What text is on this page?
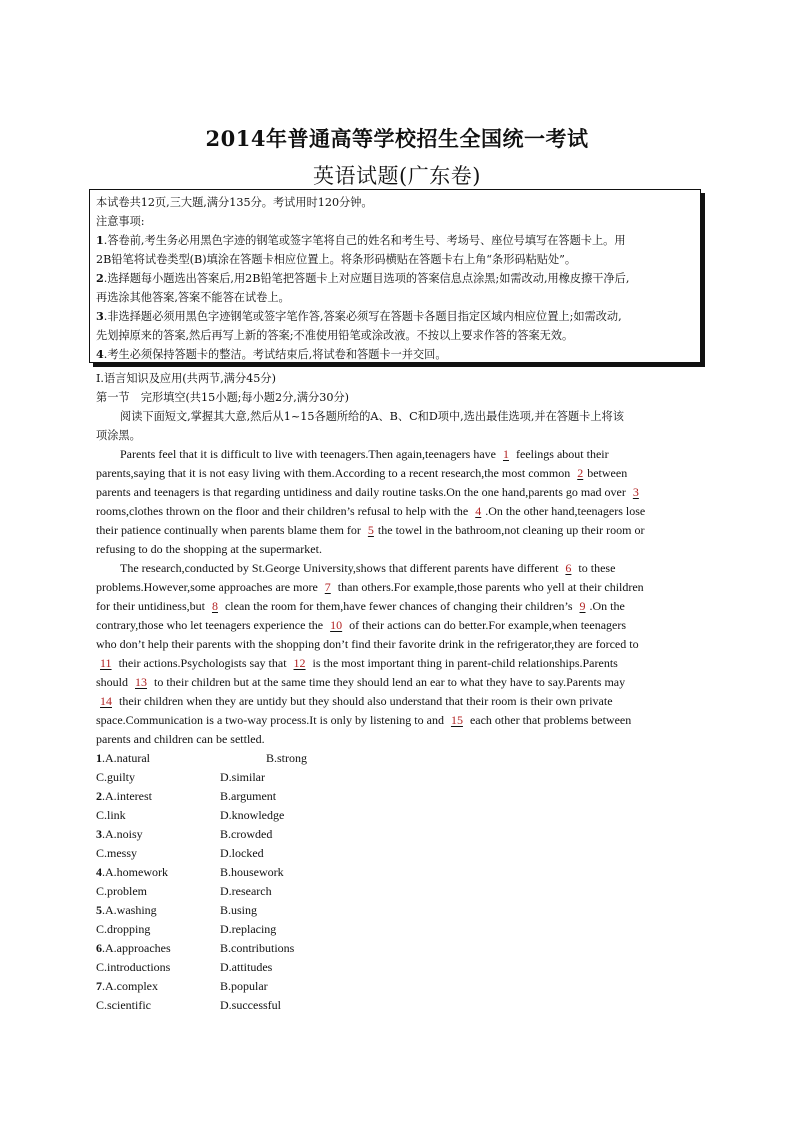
2014年普通高等学校招生全国统一考试
英语试题(广东卷)
本试卷共12页,三大题,满分135分。考试用时120分钟。
注意事项:
1.答卷前,考生务必用黑色字迹的钢笔或签字笔将自己的姓名和考生号、考场号、座位号填写在答题卡上。用
2B铅笔将试卷类型(B)填涂在答题卡相应位置上。将条形码横贴在答题卡右上角“条形码粘贴处”。
2.选择题每小题选出答案后,用2B铅笔把答题卡上对应题目选项的答案信息点涂黑;如需改动,用橡皮擦干净后,
再选涂其他答案,答案不能答在试卷上。
3.非选择题必须用黑色字迹钢笔或签字笔作答,答案必须写在答题卡各题目指定区域内相应位置上;如需改动,
先划掉原来的答案,然后再写上新的答案;不准使用铅笔或涂改液。不按以上要求作答的答案无效。
4.考生必须保持答题卡的整洁。考试结束后,将试卷和答题卡一并交回。
Ⅰ.语言知识及应用(共两节,满分45分)
第一节　完形填空(共15小题;每小题2分,满分30分)
阅读下面短文,掌握其大意,然后从1~15各题所给的A、B、C和D项中,选出最佳选项,并在答题卡上将该
项涂黑。
Parents feel that it is difficult to live with teenagers.Then again,teenagers have 1 feelings about their
parents,saying that it is not easy living with them.According to a recent research,the most common 2 between
parents and teenagers is that regarding untidiness and daily routine tasks.On the one hand,parents go mad over 3
rooms,clothes thrown on the floor and their children’s refusal to help with the 4 .On the other hand,teenagers lose
their patience continually when parents blame them for 5 the towel in the bathroom,not cleaning up their room or
refusing to do the shopping at the supermarket.
The research,conducted by St.George University,shows that different parents have different 6 to these
problems.However,some approaches are more 7 than others.For example,those parents who yell at their children
for their untidiness,but 8 clean the room for them,have fewer chances of changing their children’s 9 .On the
contrary,those who let teenagers experience the 10 of their actions can do better.For example,when teenagers
who don’t help their parents with the shopping don’t find their favorite drink in the refrigerator,they are forced to
11 their actions.Psychologists say that 12 is the most important thing in parent-child relationships.Parents
should 13 to their children but at the same time they should lend an ear to what they have to say.Parents may
14 their children when they are untidy but they should also understand that their room is their own private
space.Communication is a two-way process.It is only by listening to and 15 each other that problems between
parents and children can be settled.
1.A.natural	B.strong
C.guilty	D.similar
2.A.interest	B.argument
C.link	D.knowledge
3.A.noisy	B.crowded
C.messy	D.locked
4.A.homework	B.housework
C.problem	D.research
5.A.washing	B.using
C.dropping	D.replacing
6.A.approaches	B.contributions
C.introductions	D.attitudes
7.A.complex	B.popular
C.scientific	D.successful
